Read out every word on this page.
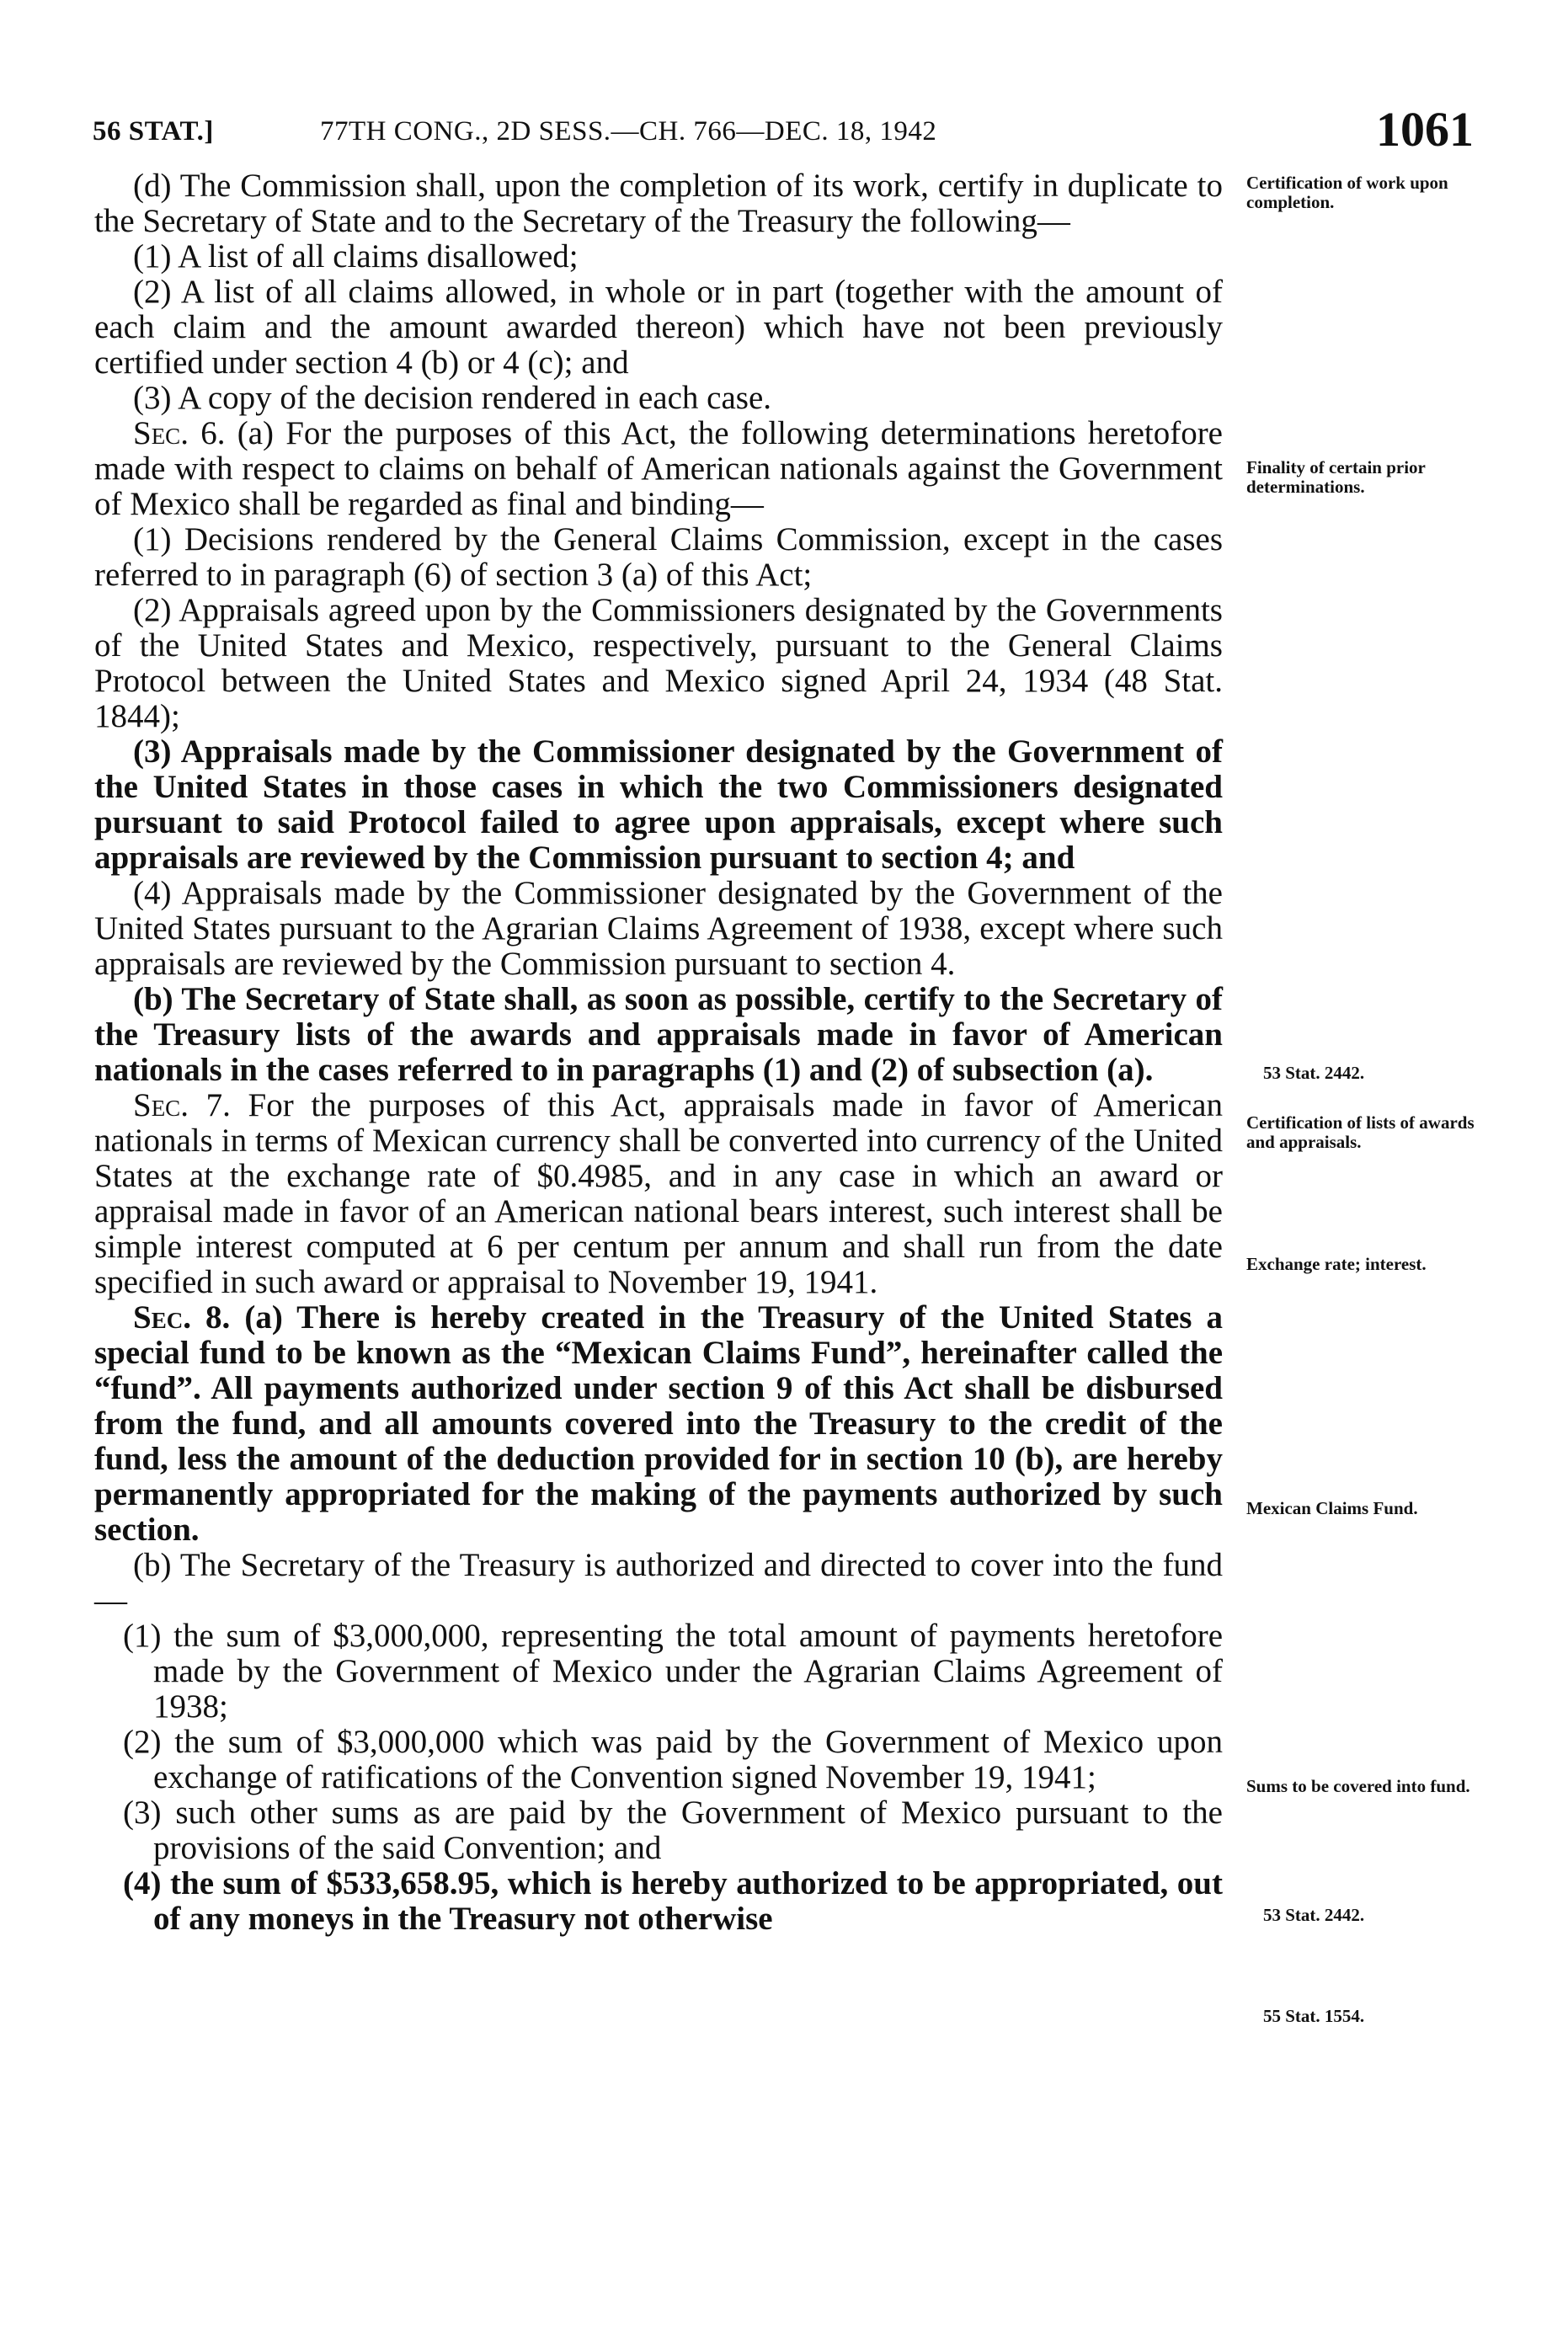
56 STAT.]	77TH CONG., 2D SESS.—CH. 766—DEC. 18, 1942	1061

(d) The Commission shall, upon the completion of its work, certify in duplicate to the Secretary of State and to the Secretary of the Treasury the following—

(1) A list of all claims disallowed;

(2) A list of all claims allowed, in whole or in part (together with the amount of each claim and the amount awarded thereon) which have not been previously certified under section 4 (b) or 4 (c); and

(3) A copy of the decision rendered in each case.

Sec. 6. (a) For the purposes of this Act, the following determinations heretofore made with respect to claims on behalf of American nationals against the Government of Mexico shall be regarded as final and binding—

(1) Decisions rendered by the General Claims Commission, except in the cases referred to in paragraph (6) of section 3 (a) of this Act;

(2) Appraisals agreed upon by the Commissioners designated by the Governments of the United States and Mexico, respectively, pursuant to the General Claims Protocol between the United States and Mexico signed April 24, 1934 (48 Stat. 1844);

(3) Appraisals made by the Commissioner designated by the Government of the United States in those cases in which the two Commissioners designated pursuant to said Protocol failed to agree upon appraisals, except where such appraisals are reviewed by the Commission pursuant to section 4; and

(4) Appraisals made by the Commissioner designated by the Government of the United States pursuant to the Agrarian Claims Agreement of 1938, except where such appraisals are reviewed by the Commission pursuant to section 4.

(b) The Secretary of State shall, as soon as possible, certify to the Secretary of the Treasury lists of the awards and appraisals made in favor of American nationals in the cases referred to in paragraphs (1) and (2) of subsection (a).

Sec. 7. For the purposes of this Act, appraisals made in favor of American nationals in terms of Mexican currency shall be converted into currency of the United States at the exchange rate of $0.4985, and in any case in which an award or appraisal made in favor of an American national bears interest, such interest shall be simple interest computed at 6 per centum per annum and shall run from the date specified in such award or appraisal to November 19, 1941.

Sec. 8. (a) There is hereby created in the Treasury of the United States a special fund to be known as the “Mexican Claims Fund”, hereinafter called the “fund”. All payments authorized under section 9 of this Act shall be disbursed from the fund, and all amounts covered into the Treasury to the credit of the fund, less the amount of the deduction provided for in section 10 (b), are hereby permanently appropriated for the making of the payments authorized by such section.

(b) The Secretary of the Treasury is authorized and directed to cover into the fund—

(1) the sum of $3,000,000, representing the total amount of payments heretofore made by the Government of Mexico under the Agrarian Claims Agreement of 1938;

(2) the sum of $3,000,000 which was paid by the Government of Mexico upon exchange of ratifications of the Convention signed November 19, 1941;

(3) such other sums as are paid by the Government of Mexico pursuant to the provisions of the said Convention; and

(4) the sum of $533,658.95, which is hereby authorized to be appropriated, out of any moneys in the Treasury not otherwise

Certification of work upon completion.
Finality of certain prior determinations.
53 Stat. 2442.
Certification of lists of awards and appraisals.
Exchange rate; interest.
Mexican Claims Fund.
Sums to be covered into fund.
53 Stat. 2442.
55 Stat. 1554.
